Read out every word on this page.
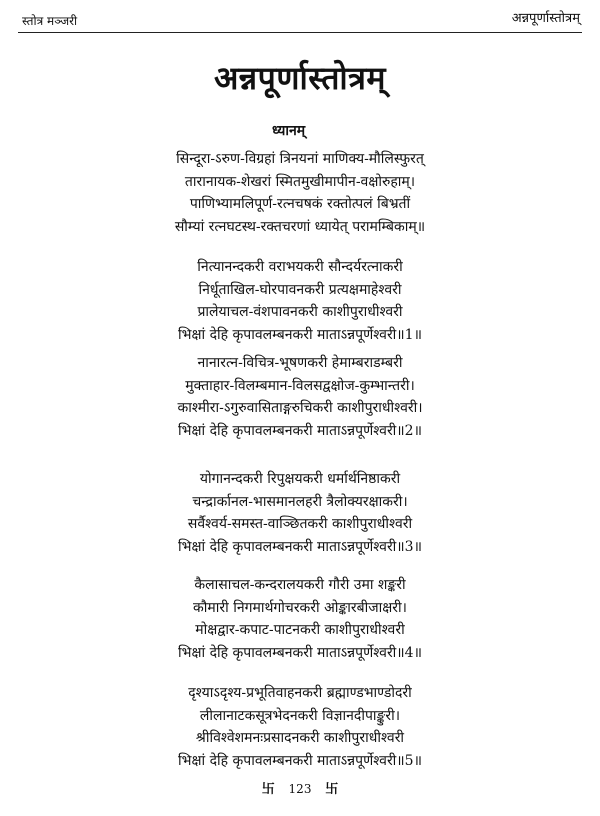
स्तोत्र मञ्जरी	अन्नपूर्णास्तोत्रम्
अन्नपूर्णास्तोत्रम्
ध्यानम्
सिन्दूरा-ऽरुण-विग्रहां त्रिनयनां माणिक्य-मौलिस्फुरत्
तारानायक-शेखरां स्मितमुखीमापीन-वक्षोरुहाम्।
पाणिभ्यामलिपूर्ण-रत्नचषकं रक्तोत्पलं बिभ्रतीं
सौम्यां रत्नघटस्थ-रक्तचरणां ध्यायेत् परामम्बिकाम्॥
नित्यानन्दकरी वराभयकरी सौन्दर्यरत्नाकरी
निर्धूताखिल-घोरपावनकरी प्रत्यक्षमाहेश्वरी
प्रालेयाचल-वंशपावनकरी काशीपुराधीश्वरी
भिक्षां देहि कृपावलम्बनकरी माताऽन्नपूर्णेश्वरी॥1॥
नानारत्न-विचित्र-भूषणकरी हेमाम्बराडम्बरी
मुक्ताहार-विलम्बमान-विलसद्वक्षोज-कुम्भान्तरी।
काश्मीरा-ऽगुरुवासिताङ्गरुचिकरी काशीपुराधीश्वरी।
भिक्षां देहि कृपावलम्बनकरी माताऽन्नपूर्णेश्वरी॥2॥
योगानन्दकरी रिपुक्षयकरी धर्मार्थनिष्ठाकरी
चन्द्रार्कानल-भासमानलहरी त्रैलोक्यरक्षाकरी।
सर्वैश्वर्य-समस्त-वाञ्छितकरी काशीपुराधीश्वरी
भिक्षां देहि कृपावलम्बनकरी माताऽन्नपूर्णेश्वरी॥3॥
कैलासाचल-कन्दरालयकरी गौरी उमा शङ्करी
कौमारी निगमार्थगोचरकरी ओङ्कारबीजाक्षरी।
मोक्षद्वार-कपाट-पाटनकरी काशीपुराधीश्वरी
भिक्षां देहि कृपावलम्बनकरी माताऽन्नपूर्णेश्वरी॥4॥
दृश्याऽदृश्य-प्रभूतिवाहनकरी ब्रह्माण्डभाण्डोदरी
लीलानाटकसूत्रभेदनकरी विज्ञानदीपाङ्कुरी।
श्रीविश्वेशमनःप्रसादनकरी काशीपुराधीश्वरी
भिक्षां देहि कृपावलम्बनकरी माताऽन्नपूर्णेश्वरी॥5॥
卐 123 卐
